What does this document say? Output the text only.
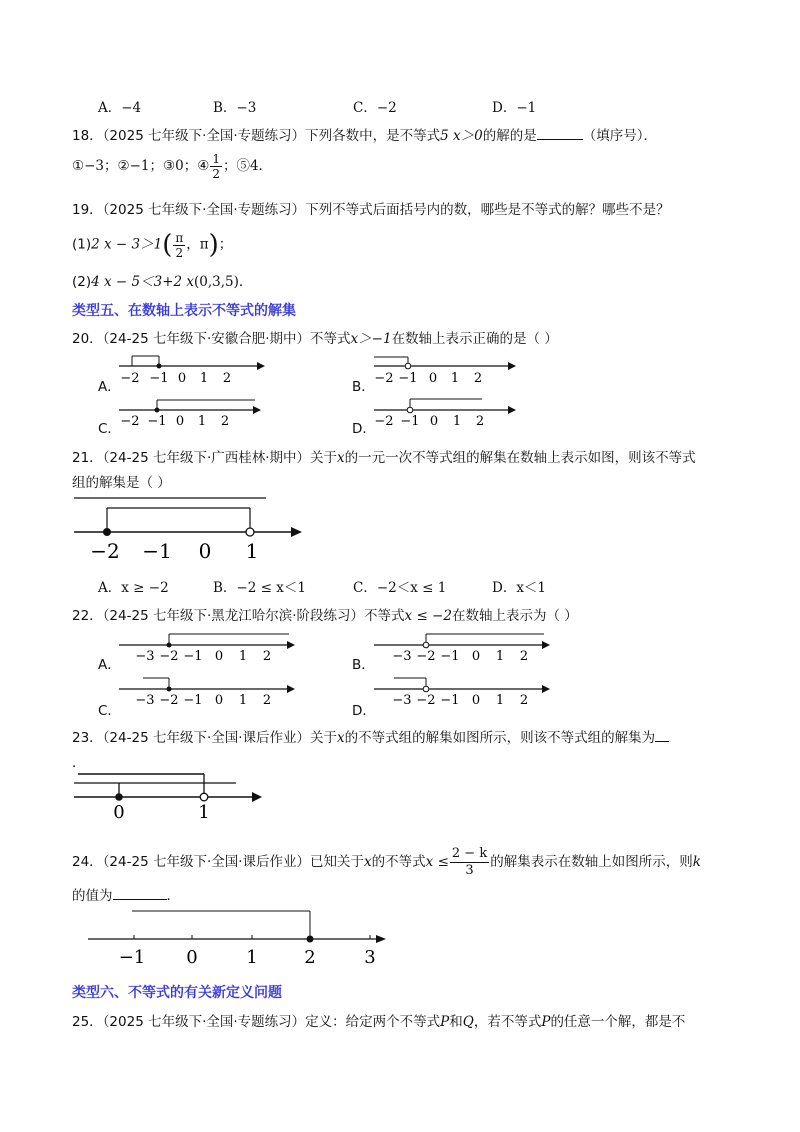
A．−4	B．−3	C．−2	D．−1
18．（2025 七年级下·全国·专题练习）下列各数中，是不等式5 x＞0的解的是	（填序号）．
①−3；②−1；③0；④ $\frac{1}{2}$ ；⑤4．
19．（2025 七年级下·全国·专题练习）下列不等式后面括号内的数，哪些是不等式的解？哪些不是？
(1)2 $x - 3>1( \frac{\pi}{2}$ ，π)；
(2)4 x − 5＜3+2 x(0,3,5)．
类型五、在数轴上表示不等式的解集
20．（24-25 七年级下·安徽合肥·期中）不等式x＞−1在数轴上表示正确的是（ ）
A．	B．
C．	D．
−2 −1 0 1 2	−2 −1 0 1 2
−2 −1 0 1 2	−2 −1 0 1 2
21．（24-25 七年级下·广西桂林·期中）关于x的一元一次不等式组的解集在数轴上表示如图，则该不等式
组的解集是（ ）
−2 −1 0 1
A．x ≥ −2	B．−2 ≤ x＜1	C．−2＜x ≤ 1	D．x＜1
22．（24-25 七年级下·黑龙江哈尔滨·阶段练习）不等式x ≤ −2在数轴上表示为（ ）
A．	B．
C．	D．
−3 −2 −1 0 1 2	−3 −2 −1 0 1 2
−3 −2 −1 0 1 2	−3 −2 −1 0 1 2
23．（24-25 七年级下·全国·课后作业）关于x的不等式组的解集如图所示，则该不等式组的解集为
．
0	1
24．（24-25 七年级下·全国·课后作业）已知关于x的不等式$x \le \frac{2 - k}{3}$ 的解集表示在数轴上如图所示，则k
的值为	．
−1 0	1	2	3
类型六、不等式的有关新定义问题
25．（2025 七年级下·全国·专题练习）定义：给定两个不等式P和Q，若不等式P的任意一个解，都是不
